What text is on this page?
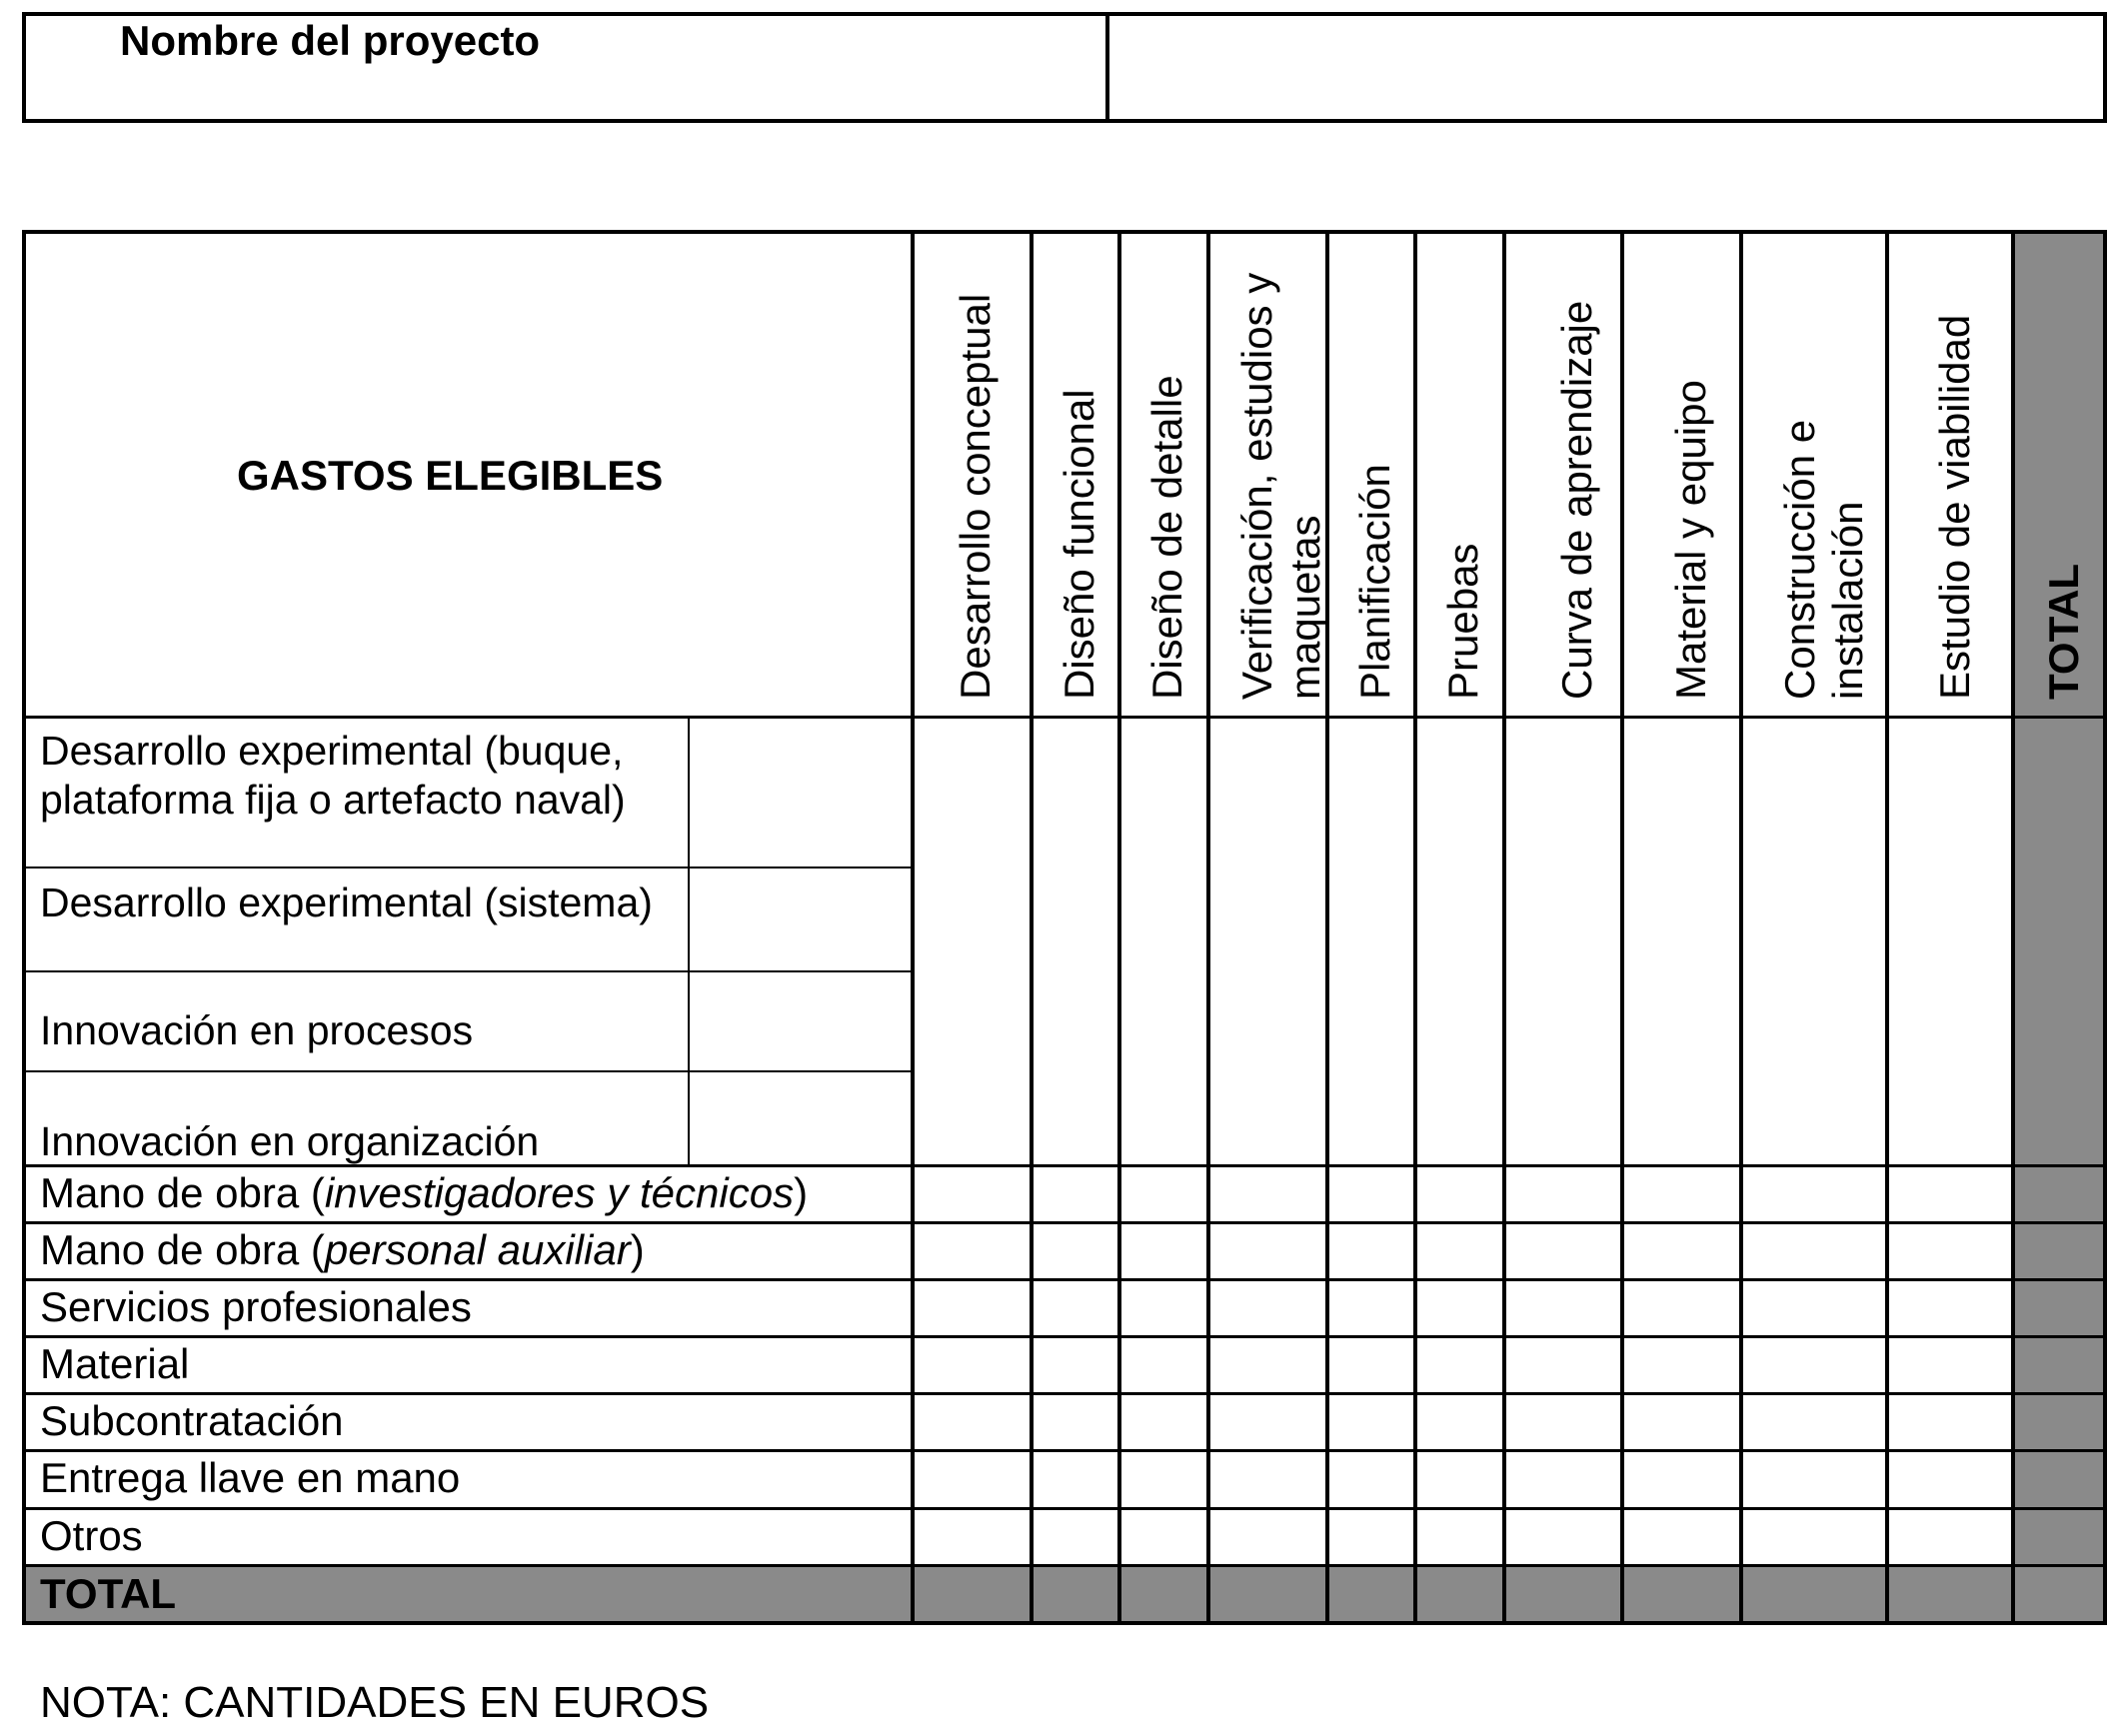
Nombre del proyecto
GASTOS ELEGIBLES	Desarrollo conceptual Diseño funcional Diseño de detalle Verificación, estudios y maquetas Planificación Pruebas Curva de aprendizaje Material y equipo Construcción e instalación Estudio de viabilidad TOTAL
Desarrollo experimental (buque, plataforma fija o artefacto naval)
Desarrollo experimental (sistema)
Innovación en procesos
Innovación en organización
Mano de obra (investigadores y técnicos)
Mano de obra (personal auxiliar)
Servicios profesionales
Material
Subcontratación
Entrega llave en mano
Otros
TOTAL
NOTA: CANTIDADES EN EUROS
